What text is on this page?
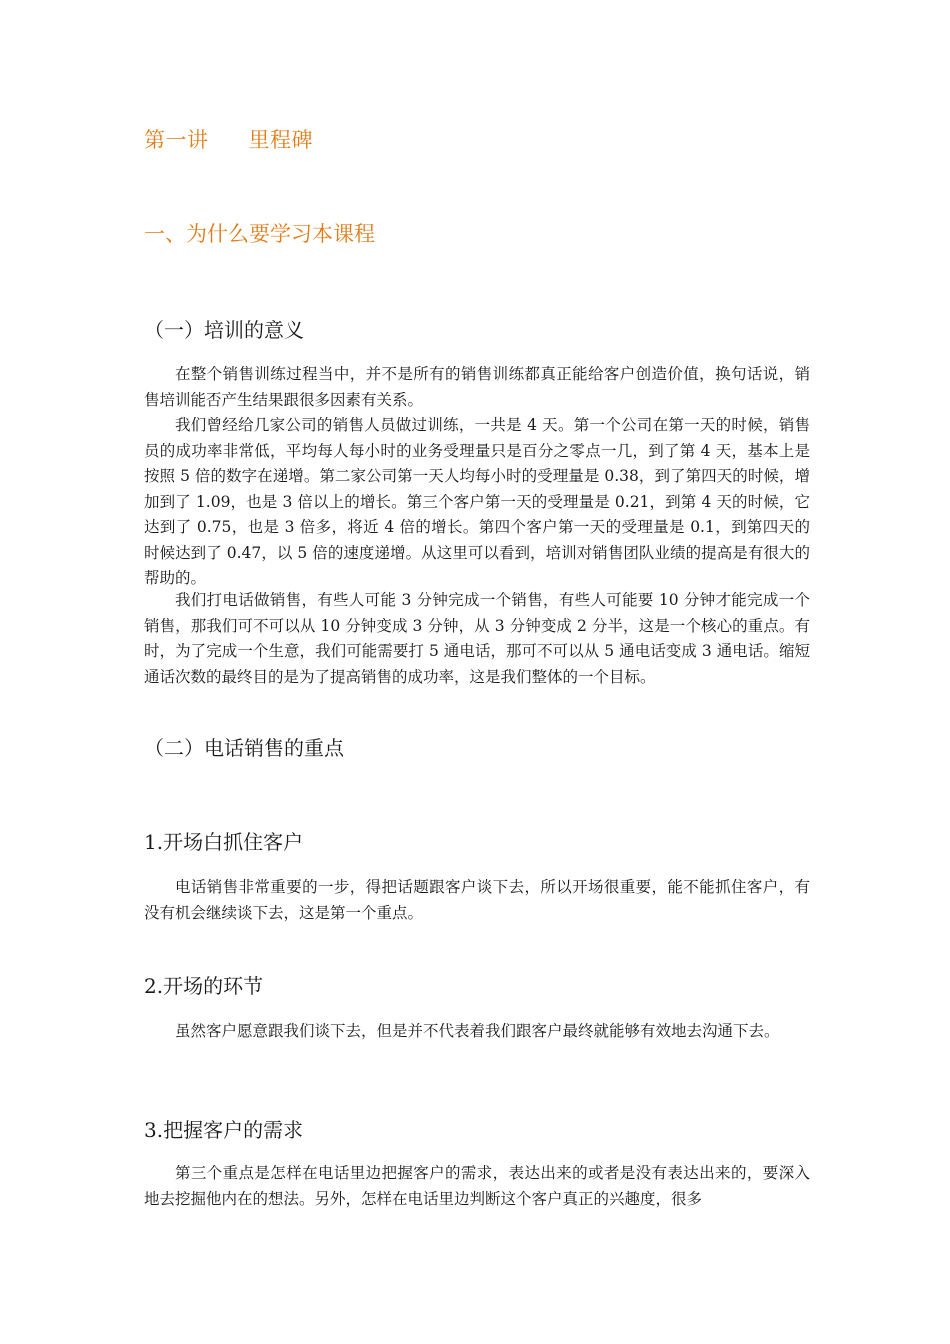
第一讲 里程碑
一、为什么要学习本课程
（一）培训的意义

在整个销售训练过程当中，并不是所有的销售训练都真正能给客户创造价值，换句话说，销售培训能否产生结果跟很多因素有关系。

我们曾经给几家公司的销售人员做过训练，一共是 4 天。第一个公司在第一天的时候，销售员的成功率非常低，平均每人每小时的业务受理量只是百分之零点一几，到了第 4 天，基本上是按照 5 倍的数字在递增。第二家公司第一天人均每小时的受理量是 0.38，到了第四天的时候，增加到了 1.09，也是 3 倍以上的增长。第三个客户第一天的受理量是 0.21，到第 4 天的时候，它达到了 0.75，也是 3 倍多，将近 4 倍的增长。第四个客户第一天的受理量是 0.1，到第四天的时候达到了 0.47，以 5 倍的速度递增。从这里可以看到，培训对销售团队业绩的提高是有很大的帮助的。

我们打电话做销售，有些人可能 3 分钟完成一个销售，有些人可能要 10 分钟才能完成一个销售，那我们可不可以从 10 分钟变成 3 分钟，从 3 分钟变成 2 分半，这是一个核心的重点。有时，为了完成一个生意，我们可能需要打 5 通电话，那可不可以从 5 通电话变成 3 通电话。缩短通话次数的最终目的是为了提高销售的成功率，这是我们整体的一个目标。

（二）电话销售的重点
1.开场白抓住客户

电话销售非常重要的一步，得把话题跟客户谈下去，所以开场很重要，能不能抓住客户，有没有机会继续谈下去，这是第一个重点。

2.开场的环节

虽然客户愿意跟我们谈下去，但是并不代表着我们跟客户最终就能够有效地去沟通下去。

3.把握客户的需求

第三个重点是怎样在电话里边把握客户的需求，表达出来的或者是没有表达出来的，要深入地去挖掘他内在的想法。另外，怎样在电话里边判断这个客户真正的兴趣度，很多
